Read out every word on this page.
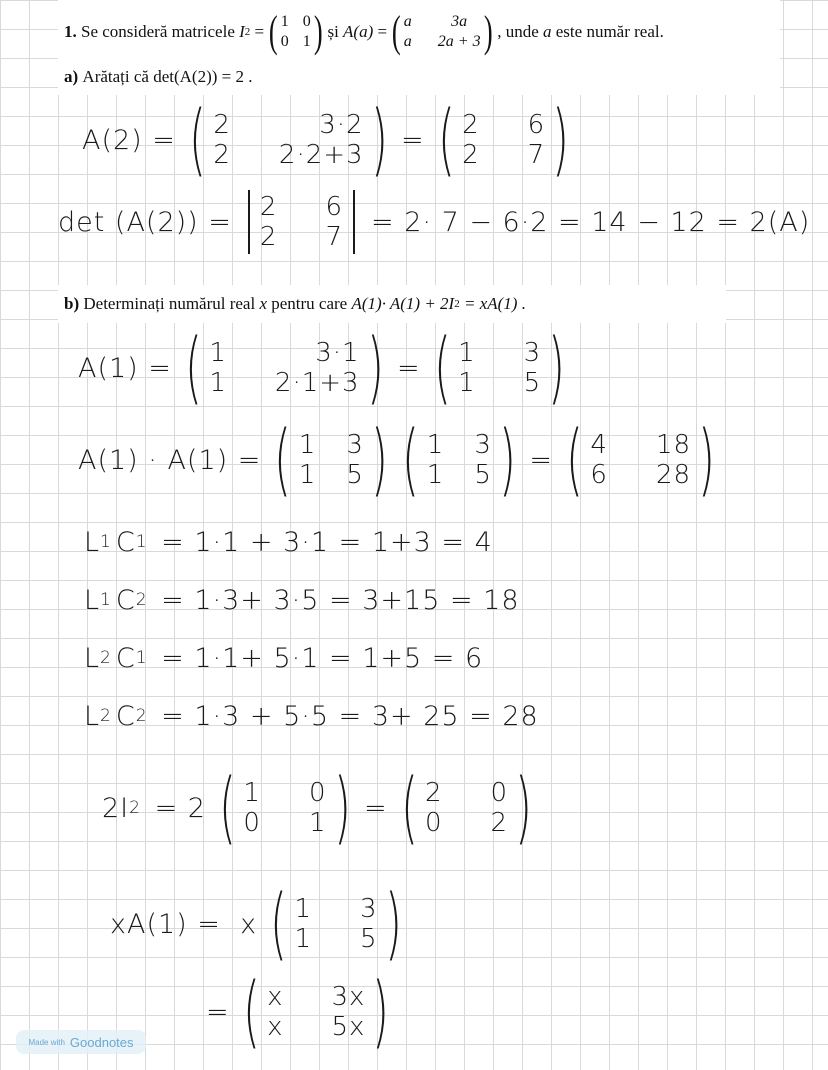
1.
Se consideră matricele
I 2 = ( 1 0
0 1 ) și
A(a) = ( a	3a
a 2a + 3 ) , unde
a
este număr real.
a)
Arătați că
det(A(2)) = 2 .
A(2) = ( 2	3·2
2 2·2+3 ) = ( 2 6
2 7 )
det (A(2)) = 2 6
2 7 = 2· 7 − 6·2 = 14 − 12 = 2(A)
b)
Determinați numărul real
x
pentru care
A(1)· A(1) + 2I 2
= xA(1) .
A(1) = ( 1	3·1
1 2·1+3 ) = ( 1 3
1 5 )
A(1) · A(1) = ( 1 3
1 5 ) ( 1 3
1 5 ) = ( 4 18
6 28 )
L 1 C 1
= 1·1 + 3·1 = 1+3 = 4
L 1 C 2
= 1·3+ 3·5 = 3+15 = 18
L 2 C 1
= 1·1+ 5·1 = 1+5 = 6
L 2 C 2
= 1·3 + 5·5 = 3+ 25 = 28
2I 2
= 2 ( 1 0
0 1 ) = ( 2 0
0 2 )
xA(1) =
x ( 1 3
1 5 )
= ( x 3x
x 5x )
Made with Goodnotes
